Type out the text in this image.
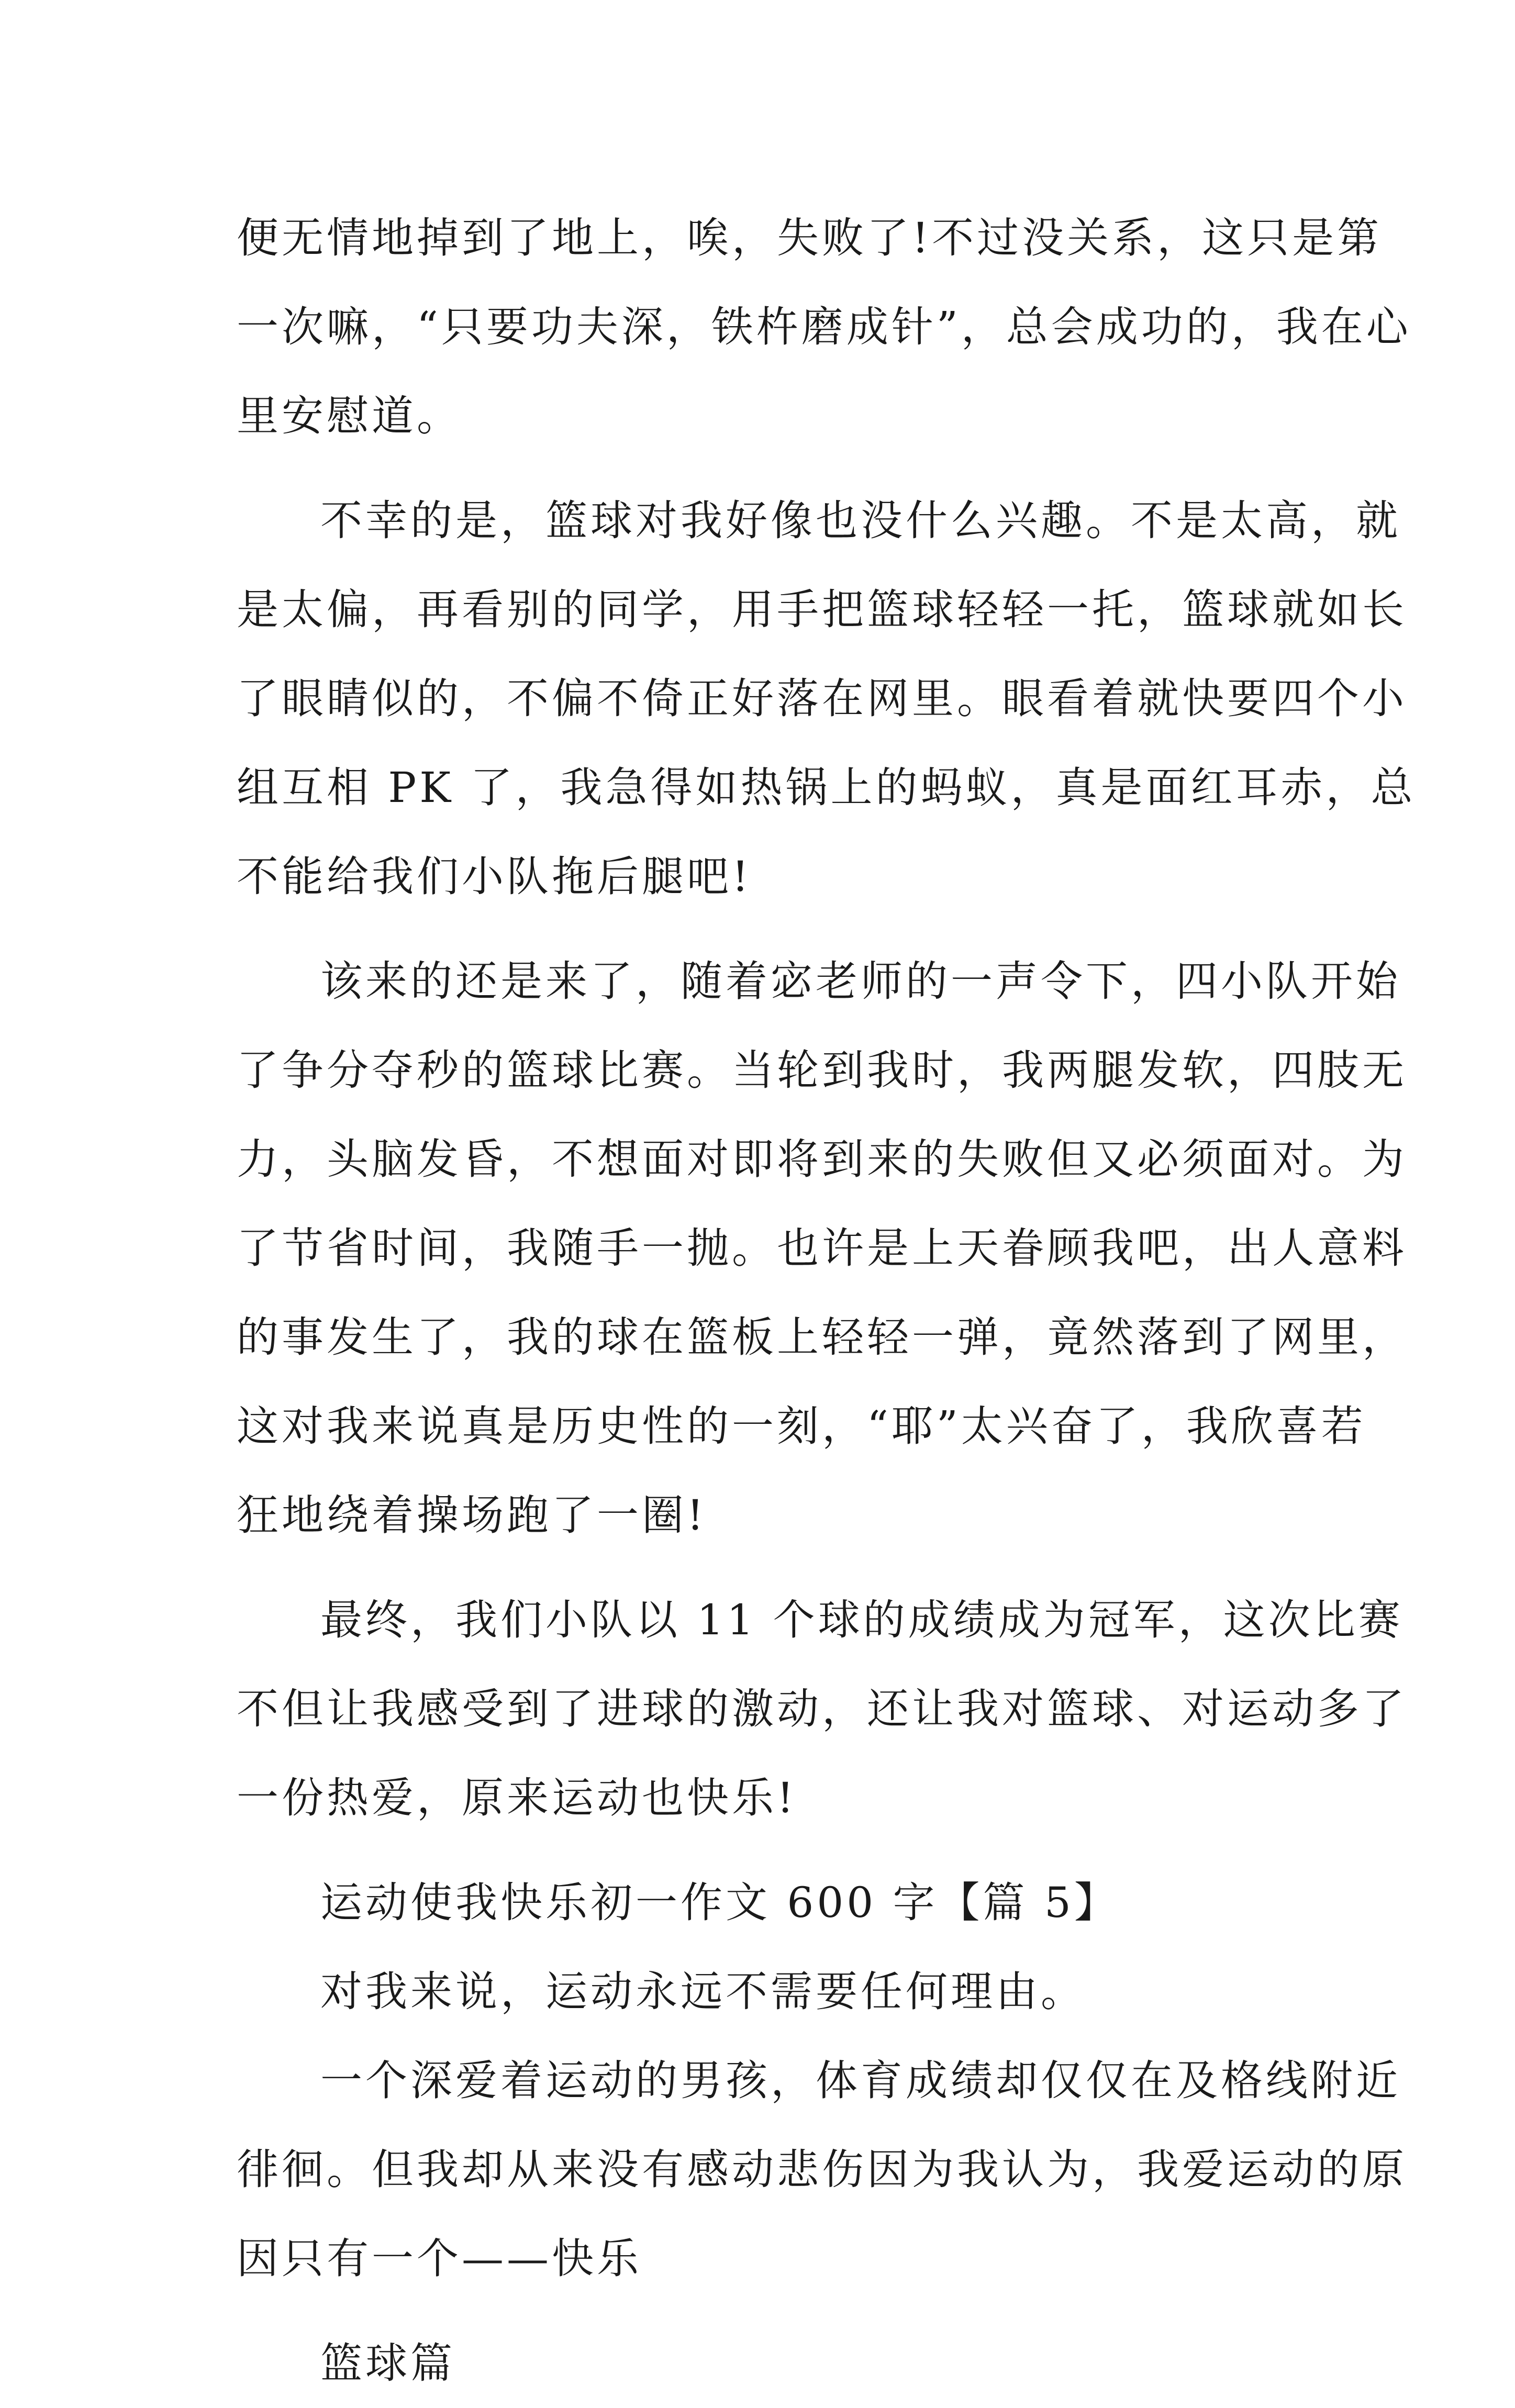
便无情地掉到了地上，唉，失败了!不过没关系，这只是第
一次嘛，“只要功夫深，铁杵磨成针”，总会成功的，我在心
里安慰道。
不幸的是，篮球对我好像也没什么兴趣。不是太高，就
是太偏，再看别的同学，用手把篮球轻轻一托，篮球就如长
了眼睛似的，不偏不倚正好落在网里。眼看着就快要四个小
组互相 PK 了，我急得如热锅上的蚂蚁，真是面红耳赤，总
不能给我们小队拖后腿吧!
该来的还是来了，随着宓老师的一声令下，四小队开始
了争分夺秒的篮球比赛。当轮到我时，我两腿发软，四肢无
力，头脑发昏，不想面对即将到来的失败但又必须面对。为
了节省时间，我随手一抛。也许是上天眷顾我吧，出人意料
的事发生了，我的球在篮板上轻轻一弹，竟然落到了网里，
这对我来说真是历史性的一刻，“耶”太兴奋了，我欣喜若
狂地绕着操场跑了一圈!
最终，我们小队以 11 个球的成绩成为冠军，这次比赛
不但让我感受到了进球的激动，还让我对篮球、对运动多了
一份热爱，原来运动也快乐!
运动使我快乐初一作文 600 字【篇 5】
对我来说，运动永远不需要任何理由。
一个深爱着运动的男孩，体育成绩却仅仅在及格线附近
徘徊。但我却从来没有感动悲伤因为我认为，我爱运动的原
因只有一个——快乐
篮球篇
